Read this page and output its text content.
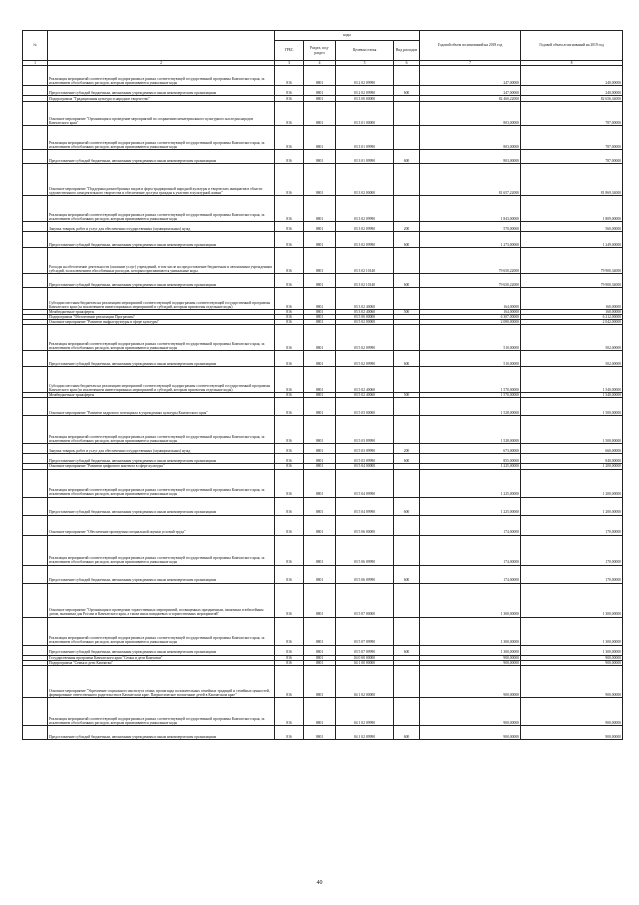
№		коды				Годовой объем ассигнований на 2018 год	Годовой объем ассигнований на 2019 год
		ГРБС	Раздел, под-раздел	Целевая статья	Вид расходов		
1	2	3	4	5	6	7	8
	Реализация мероприятий соответствующей подпрограммы в рамках соответствующей государственной программы Камчатского края, за исключением обособленных расходов, которым присваиваются уникальные коды	816	0801	03 2 02 09990		247,00000	240,00000
	Предоставление субсидий бюджетным, автономным учреждениям и иным некоммерческим организациям	816	0801	03 2 02 09990	600	247,00000	240,00000
	Подпрограмма "Традиционная культура и народное творчество"	816	0801	03 3 00 00000		82 460,22000	82 656,34000
	Основное мероприятие "Организация и проведение мероприятий по сохранению нематериального культурного наследия народов Камчатского края"	816	0801	03 3 01 00000		803,00000	787,00000
	Реализация мероприятий соответствующей подпрограммы в рамках соответствующей государственной программы Камчатского края, за исключением обособленных расходов, которым присваиваются уникальные коды	816	0801	03 3 01 09990		803,00000	787,00000
	Предоставление субсидий бюджетным, автономным учреждениям и иным некоммерческим организациям	816	0801	03 3 01 09990	600	803,00000	787,00000
	Основное мероприятие "Поддержка разнообразных видов и форм традиционной народной культуры и творческих инициатив в области художественного самодеятельного творчества и обеспечение доступа граждан к участию в культурной жизни"	816	0801	03 3 02 00000		81 657,22000	81 869,34000
	Реализация мероприятий соответствующей подпрограммы в рамках соответствующей государственной программы Камчатского края, за исключением обособленных расходов, которым присваиваются уникальные коды	816	0801	03 3 02 09990		1 843,00000	1 809,00000
	Закупка товаров, работ и услуг для обеспечения государственных (муниципальных) нужд	816	0801	03 3 02 09990	200	570,00000	560,00000
	Предоставление субсидий бюджетным, автономным учреждениям и иным некоммерческим организациям	816	0801	03 3 02 09990	600	1 273,00000	1 249,00000
	Расходы на обеспечение деятельности (оказание услуг) учреждений, в том числе на предоставление бюджетным и автономным учреждениям субсидий, за исключением обособленных расходов, которым присваиваются уникальные коды	816	0801	03 3 02 10140		79 650,22000	79 900,34000
	Предоставление субсидий бюджетным, автономным учреждениям и иным некоммерческим организациям	816	0801	03 3 02 10140	600	79 650,22000	79 900,34000
	Субсидии местным бюджетам на реализацию мероприятий соответствующей подпрограммы соответствующей государственной программы Камчатского края (за исключением инвестиционных мероприятий и субсидий, которым присвоены отдельные коды)	816	0801	03 3 02 40060		164,00000	160,00000
	Межбюджетные трансферты	816	0801	03 3 02 40060	500	164,00000	160,00000
	Подпрограмма "Обеспечение реализации Программы"	816	0801	03 5 00 00000		6 307,00000	6 212,00000
	Основное мероприятие "Развитие инфраструктуры в сфере культуры"	816	0801	03 5 02 00000		2 080,00000	2 042,00000
	Реализация мероприятий соответствующей подпрограммы в рамках соответствующей государственной программы Камчатского края, за исключением обособленных расходов, которым присваиваются уникальные коды	816	0801	03 5 02 09990		510,00000	502,00000
	Предоставление субсидий бюджетным, автономным учреждениям и иным некоммерческим организациям	816	0801	03 5 02 09990	600	510,00000	502,00000
	Субсидии местным бюджетам на реализацию мероприятий соответствующей подпрограммы соответствующей государственной программы Камчатского края (за исключением инвестиционных мероприятий и субсидий, которым присвоены отдельные коды)	816	0801	03 5 02 40060		1 570,00000	1 540,00000
	Межбюджетные трансферты	816	0801	03 5 02 40060	500	1 570,00000	1 540,00000
	Основное мероприятие "Развитие кадрового потенциала в учреждениях культуры Камчатского края"	816	0801	03 5 03 00000		1 528,00000	1 500,00000
	Реализация мероприятий соответствующей подпрограммы в рамках соответствующей государственной программы Камчатского края, за исключением обособленных расходов, которым присваиваются уникальные коды	816	0801	03 5 03 09990		1 528,00000	1 500,00000
	Закупка товаров, работ и услуг для обеспечения государственных (муниципальных) нужд	816	0801	03 5 03 09990	200	673,00000	660,00000
	Предоставление субсидий бюджетным, автономным учреждениям и иным некоммерческим организациям	816	0801	03 5 03 09990	600	855,00000	840,00000
	Основное мероприятие "Развитие цифрового контента в сфере культуры"	816	0801	03 5 04 00000		1 225,00000	1 200,00000
	Реализация мероприятий соответствующей подпрограммы в рамках соответствующей государственной программы Камчатского края, за исключением обособленных расходов, которым присваиваются уникальные коды	816	0801	03 5 04 09990		1 225,00000	1 200,00000
	Предоставление субсидий бюджетным, автономным учреждениям и иным некоммерческим организациям	816	0801	03 5 04 09990	600	1 225,00000	1 200,00000
	Основное мероприятие "Обеспечение проведения специальной оценки условий труда"	816	0801	03 5 06 00000		174,00000	170,00000
	Реализация мероприятий соответствующей подпрограммы в рамках соответствующей государственной программы Камчатского края, за исключением обособленных расходов, которым присваиваются уникальные коды	816	0801	03 5 06 09990		174,00000	170,00000
	Предоставление субсидий бюджетным, автономным учреждениям и иным некоммерческим организациям	816	0801	03 5 06 09990	600	174,00000	170,00000
	Основное мероприятие "Организация и проведение торжественных мероприятий, посвященных праздничным, памятным и юбилейным датам, значимым для России и Камчатского края, а также иных имиджевых и торжественных мероприятий"	816	0801	03 5 07 00000		1 300,00000	1 300,00000
	Реализация мероприятий соответствующей подпрограммы в рамках соответствующей государственной программы Камчатского края, за исключением обособленных расходов, которым присваиваются уникальные коды	816	0801	03 5 07 09990		1 300,00000	1 300,00000
	Предоставление субсидий бюджетным, автономным учреждениям и иным некоммерческим организациям	816	0801	03 5 07 09990	600	1 300,00000	1 300,00000
	Государственная программа Камчатского края "Семья и дети Камчатки"	816	0801	04 0 00 00000		900,00000	900,00000
	Подпрограмма "Семья и дети Камчатки"	816	0801	04 1 00 00000		900,00000	900,00000
	Основное мероприятие "Укрепление социального института семьи, пропаганда положительных семейных традиций и семейных ценностей, формирование ответственного родительства в Камчатском крае. Патриотическое воспитание детей в Камчатском крае"	816	0801	04 1 02 00000		900,00000	900,00000
	Реализация мероприятий соответствующей подпрограммы в рамках соответствующей государственной программы Камчатского края, за исключением обособленных расходов, которым присваиваются уникальные коды	816	0801	04 1 02 09990		900,00000	900,00000
	Предоставление субсидий бюджетным, автономным учреждениям и иным некоммерческим организациям	816	0801	04 1 02 09990	600	900,00000	900,00000
40
